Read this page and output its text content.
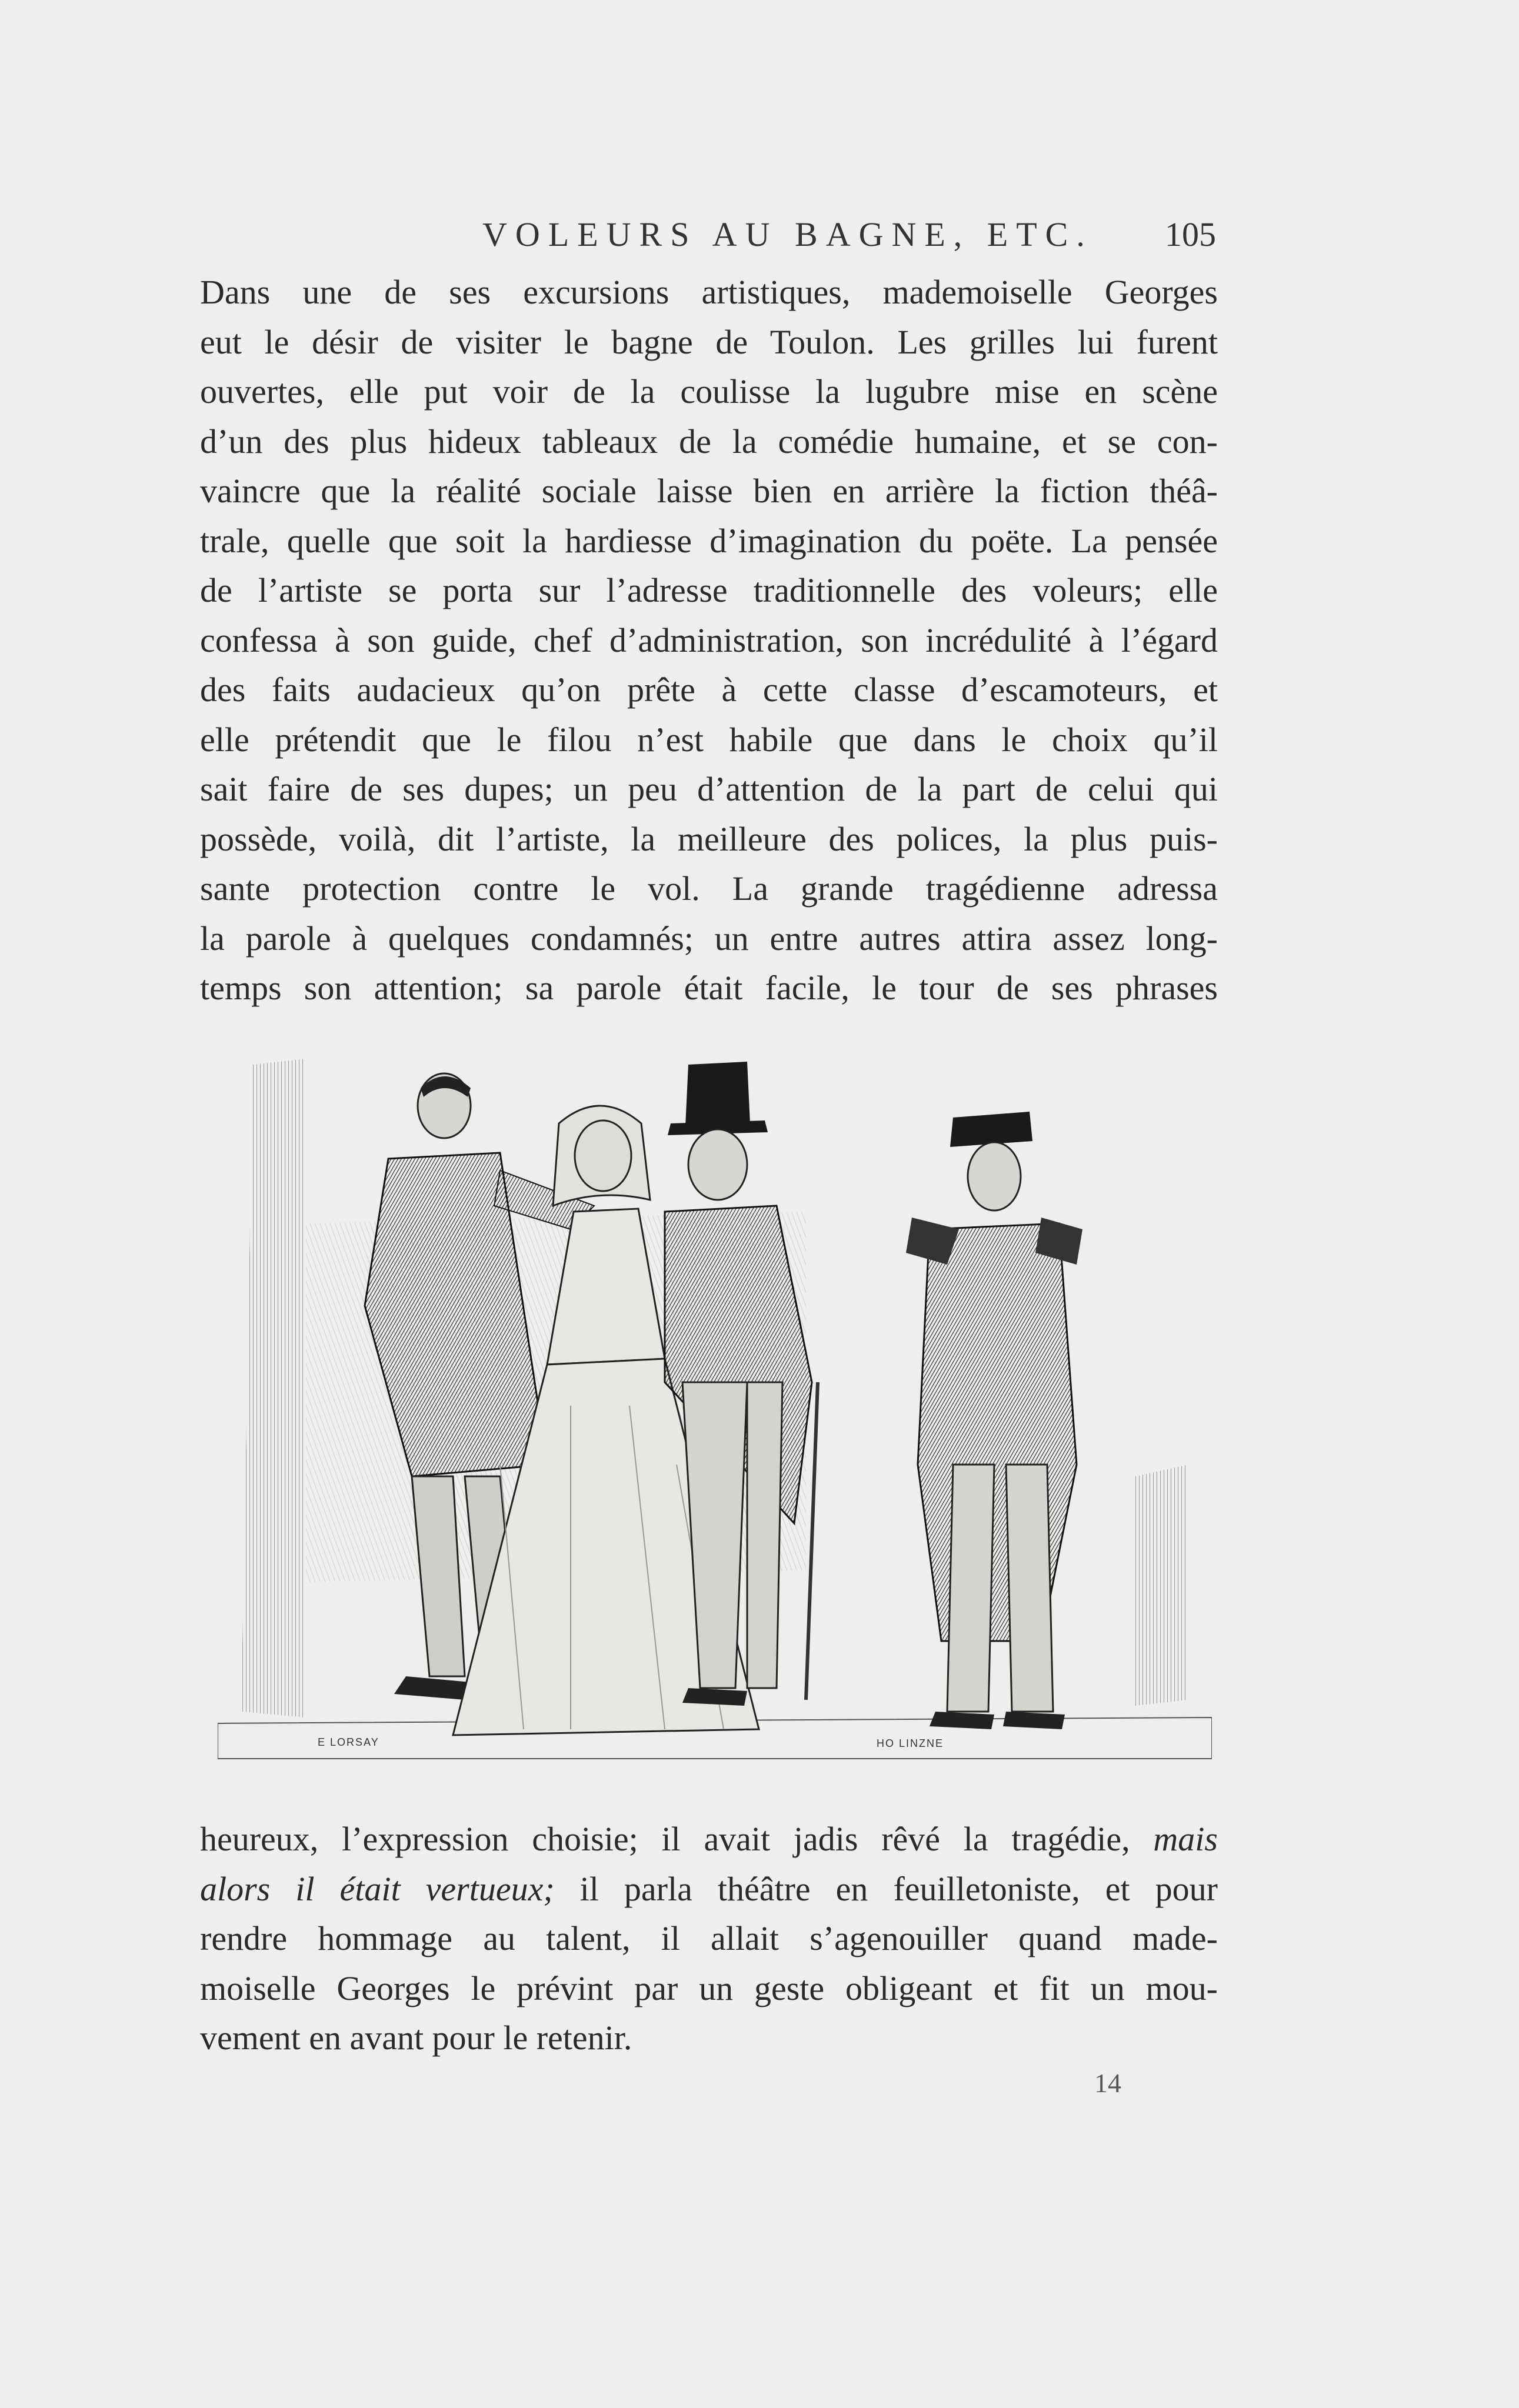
VOLEURS AU BAGNE, ETC. 105
Dans une de ses excursions artistiques, mademoiselle Georges
eut le désir de visiter le bagne de Toulon. Les grilles lui furent
ouvertes, elle put voir de la coulisse la lugubre mise en scène
d’un des plus hideux tableaux de la comédie humaine, et se con-
vaincre que la réalité sociale laisse bien en arrière la fiction théâ-
trale, quelle que soit la hardiesse d’imagination du poëte. La pensée
de l’artiste se porta sur l’adresse traditionnelle des voleurs; elle
confessa à son guide, chef d’administration, son incrédulité à l’égard
des faits audacieux qu’on prête à cette classe d’escamoteurs, et
elle prétendit que le filou n’est habile que dans le choix qu’il
sait faire de ses dupes; un peu d’attention de la part de celui qui
possède, voilà, dit l’artiste, la meilleure des polices, la plus puis-
sante protection contre le vol. La grande tragédienne adressa
la parole à quelques condamnés; un entre autres attira assez long-
temps son attention; sa parole était facile, le tour de ses phrases
E LORSAY	HO LINZNE
heureux, l’expression choisie; il avait jadis rêvé la tragédie, mais
alors il était vertueux; il parla théâtre en feuilletoniste, et pour
rendre hommage au talent, il allait s’agenouiller quand made-
moiselle Georges le prévint par un geste obligeant et fit un mou-
vement en avant pour le retenir.
14
